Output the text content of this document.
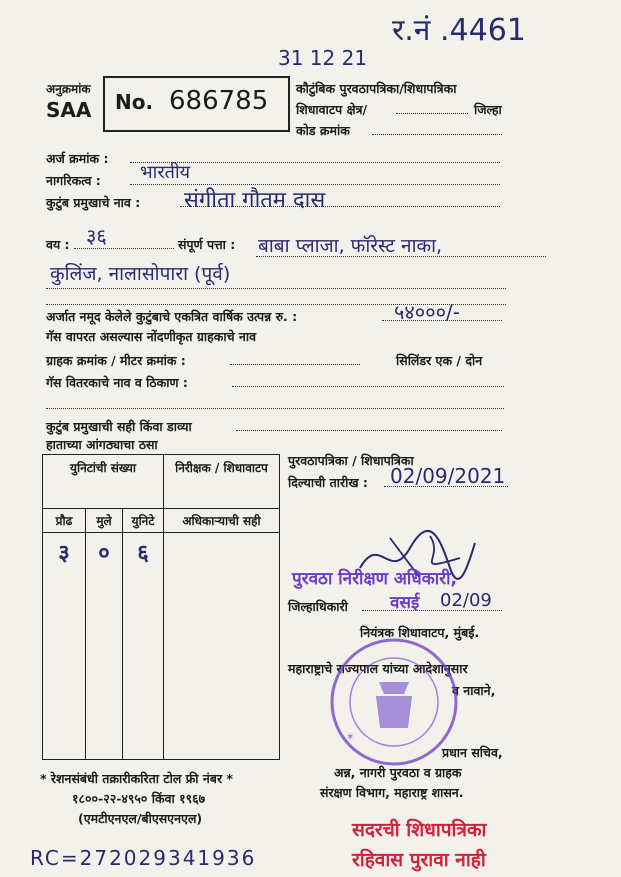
र.नं .4461
31 12 21
अनुक्रमांक
SAA No. 686785 कौटुंबिक पुरवठापत्रिका/शिधापत्रिका
शिधावाटप क्षेत्र/	जिल्हा
कोड क्रमांक
अर्ज क्रमांक :
नागरिकत्व : भारतीय
कुटुंब प्रमुखाचे नाव : संगीता गौतम दास
वय : ३६	संपूर्ण पत्ता : बाबा प्लाजा, फॉरेस्ट नाका,
कुलिंज, नालासोपारा (पूर्व)
अर्जात नमूद केलेले कुटुंबाचे एकत्रित वार्षिक उत्पन्न रु. :	५४०००/-
गॅस वापरत असल्यास नोंदणीकृत ग्राहकाचे नाव
ग्राहक क्रमांक / मीटर क्रमांक :	सिलिंडर एक / दोन
गॅस वितरकाचे नाव व ठिकाण :
कुटुंब प्रमुखाची सही किंवा डाव्या
हाताच्या आंगठ्याचा ठसा
युनिटांची संख्या			निरीक्षक / शिधावाटप

प्रौढ	मुले	युनिटे	अधिकाऱ्याची सही
३	०	६	
पुरवठापत्रिका / शिधापत्रिका
दिल्याची तारीख : 02/09/2021
पुरवठा निरीक्षण अधिकारी,
जिल्हाधिकारी वसई 02/09
नियंत्रक शिधावाटप, मुंबई.
महाराष्ट्राचे राज्यपाल यांच्या आदेशानुसार
व नावाने,
✶
प्रधान सचिव,
अन्न, नागरी पुरवठा व ग्राहक
संरक्षण विभाग, महाराष्ट्र शासन.
* रेशनसंबंधी तक्रारीकरिता टोल फ्री नंबर *
१८००-२२-४९५० किंवा १९६७
(एमटीएनएल/बीएसएनएल)
सदरची शिधापत्रिका
रहिवास पुरावा नाही
RC=272029341936
